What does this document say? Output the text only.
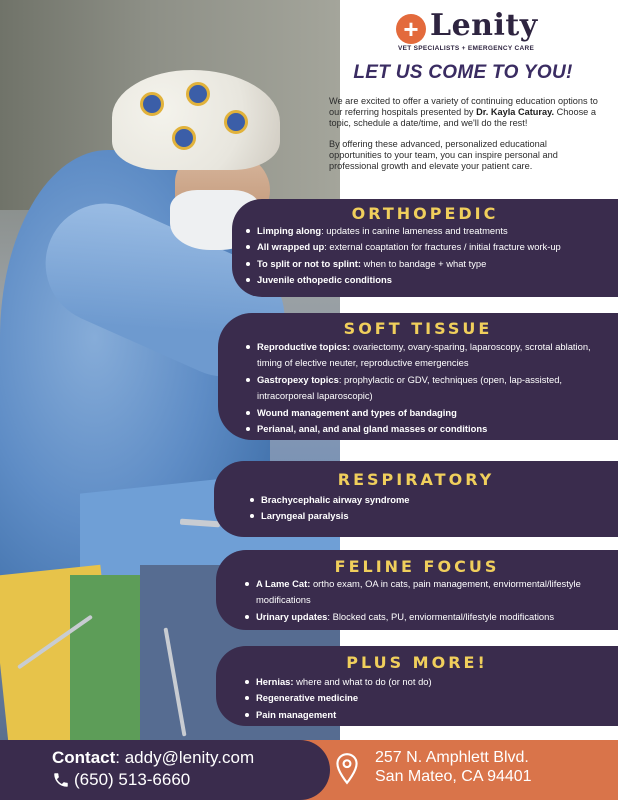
+ Lenity
VET SPECIALISTS + EMERGENCY CARE
LET US COME TO YOU!

We are excited to offer a variety of continuing education options to our referring hospitals presented by Dr. Kayla Caturay. Choose a topic, schedule a date/time, and we'll do the rest!

By offering these advanced, personalized educational opportunities to your team, you can inspire personal and professional growth and elevate your patient care.

ORTHOPEDIC
Limping along: updates in canine lameness and treatments
All wrapped up: external coaptation for fractures / initial fracture work-up
To split or not to splint: when to bandage + what type
Juvenile othopedic conditions
SOFT TISSUE
Reproductive topics: ovariectomy, ovary-sparing, laparoscopy, scrotal ablation, timing of elective neuter, reproductive emergencies
Gastropexy topics: prophylactic or GDV, techniques (open, lap-assisted, intracorporeal laparoscopic)
Wound management and types of bandaging
Perianal, anal, and anal gland masses or conditions
RESPIRATORY
Brachycephalic airway syndrome
Laryngeal paralysis
FELINE FOCUS
A Lame Cat: ortho exam, OA in cats, pain management, enviormental/lifestyle modifications
Urinary updates: Blocked cats, PU, enviormental/lifestyle modifications
PLUS MORE!
Hernias: where and what to do (or not do)
Regenerative medicine
Pain management
Contact: addy@lenity.com
(650) 513-6660
257 N. Amphlett Blvd.
San Mateo, CA 94401
